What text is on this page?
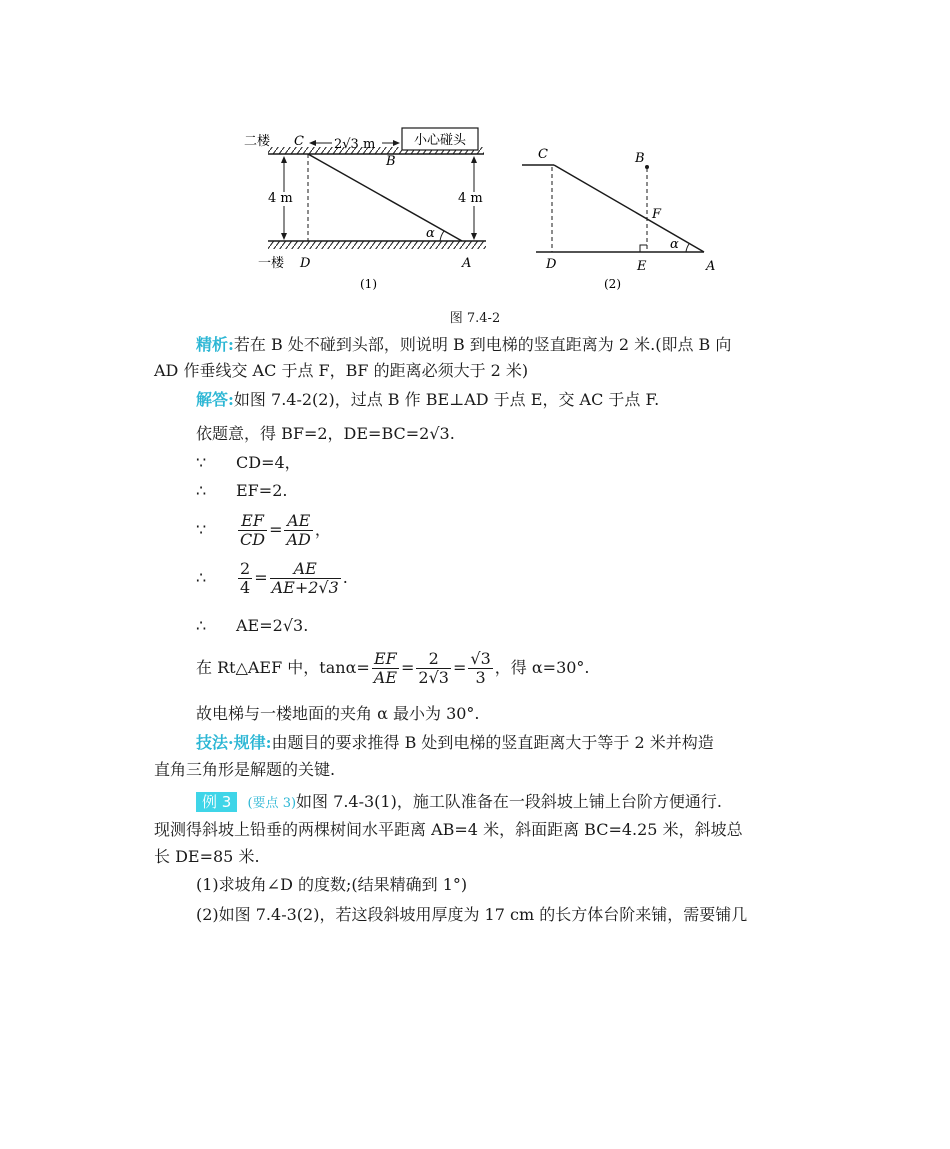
小心碰头
2√3 m
二楼 C
B
4 m	4 m
α
一楼 D	A
(1)
C	B
F
α
D	E	A
(2)
图 7.4-2
精析:若在 B 处不碰到头部，则说明 B 到电梯的竖直距离为 2 米.(即点 B 向
AD 作垂线交 AC 于点 F，BF 的距离必须大于 2 米)
解答:如图 7.4-2(2)，过点 B 作 BE⊥AD 于点 E，交 AC 于点 F.
依题意，得 BF=2，DE=BC=2√3.
∵ CD=4，
∴ EF=2.
∵ $\frac{EF}{CD} = \frac{AE}{AD}$ ，
∴ $\frac{2}{4} = \frac{AE}{AE+2√3}$ .
∴ AE=2√3.
在 Rt△AEF 中，$\tan\alpha= \frac{EF}{AE} = \frac{2}{2√3} = \frac{√3}{3}$ ，得 α=30°.
故电梯与一楼地面的夹角 α 最小为 30°.
技法·规律:由题目的要求推得 B 处到电梯的竖直距离大于等于 2 米并构造
直角三角形是解题的关键.
例 3 (要点 3)如图 7.4-3(1)，施工队准备在一段斜坡上铺上台阶方便通行.
现测得斜坡上铅垂的两棵树间水平距离 AB=4 米，斜面距离 BC=4.25 米，斜坡总
长 DE=85 米.
(1)求坡角∠D 的度数;(结果精确到 1°)
(2)如图 7.4-3(2)，若这段斜坡用厚度为 17 cm 的长方体台阶来铺，需要铺几
